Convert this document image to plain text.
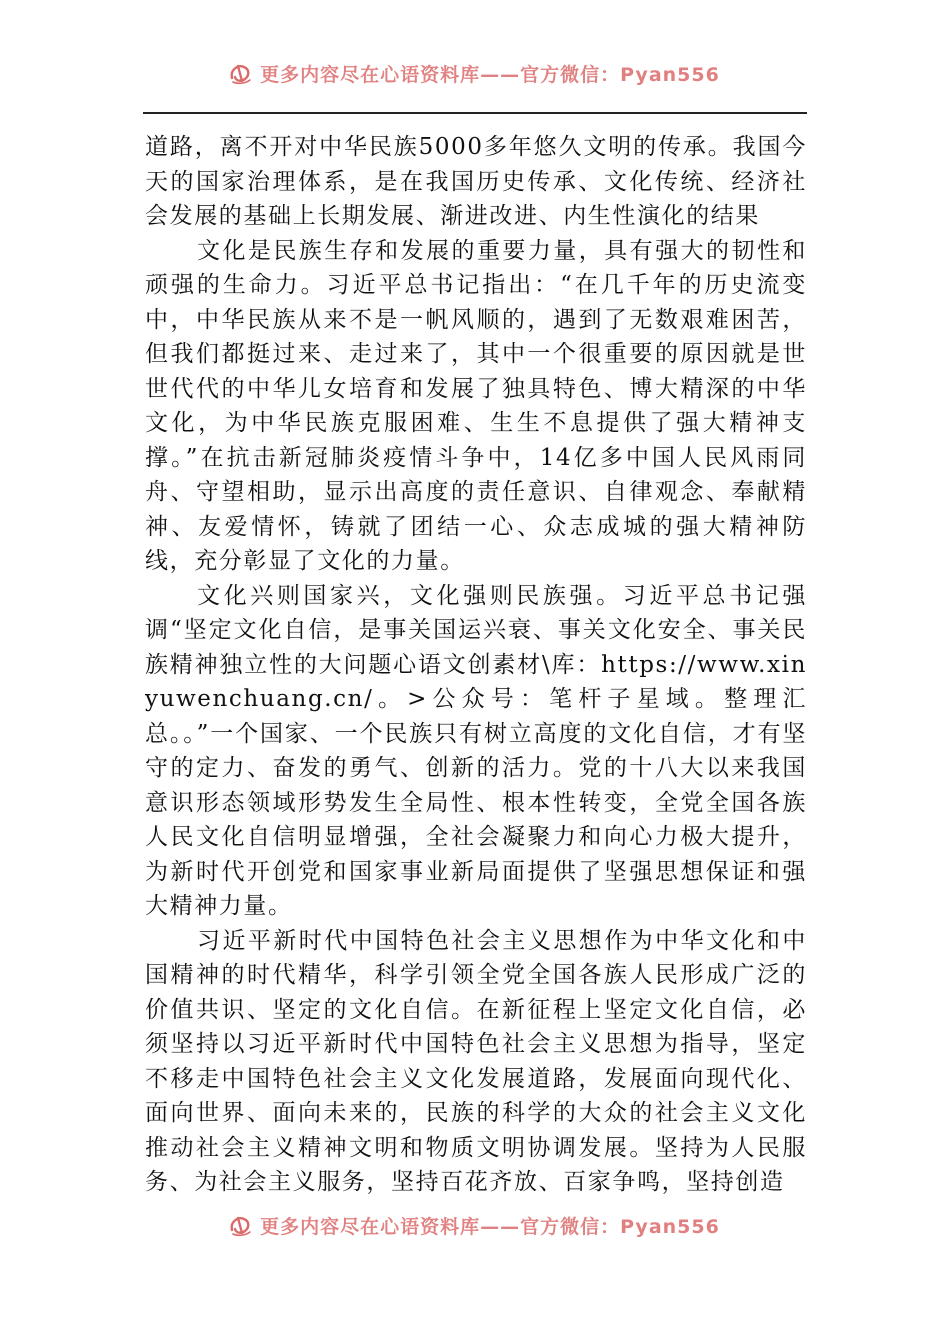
更多内容尽在心语资料库——官方微信：Pyan556

道路，离不开对中华民族5000多年悠久文明的传承。我国今天的国家治理体系，是在我国历史传承、文化传统、经济社会发展的基础上长期发展、渐进改进、内生性演化的结果

文化是民族生存和发展的重要力量，具有强大的韧性和顽强的生命力。习近平总书记指出：“在几千年的历史流变中，中华民族从来不是一帆风顺的，遇到了无数艰难困苦，但我们都挺过来、走过来了，其中一个很重要的原因就是世世代代的中华儿女培育和发展了独具特色、博大精深的中华文化，为中华民族克服困难、生生不息提供了强大精神支撑。”在抗击新冠肺炎疫情斗争中，14亿多中国人民风雨同舟、守望相助，显示出高度的责任意识、自律观念、奉献精神、友爱情怀，铸就了团结一心、众志成城的强大精神防线，充分彰显了文化的力量。

文化兴则国家兴，文化强则民族强。习近平总书记强调“坚定文化自信，是事关国运兴衰、事关文化安全、事关民族精神独立性的大问题心语文创素材\库：https://www.xinyuwenchuang.cn/。>公众号：笔杆子星域。整理汇总。。”一个国家、一个民族只有树立高度的文化自信，才有坚守的定力、奋发的勇气、创新的活力。党的十八大以来我国意识形态领域形势发生全局性、根本性转变，全党全国各族人民文化自信明显增强，全社会凝聚力和向心力极大提升，为新时代开创党和国家事业新局面提供了坚强思想保证和强大精神力量。

习近平新时代中国特色社会主义思想作为中华文化和中国精神的时代精华，科学引领全党全国各族人民形成广泛的价值共识、坚定的文化自信。在新征程上坚定文化自信，必须坚持以习近平新时代中国特色社会主义思想为指导，坚定不移走中国特色社会主义文化发展道路，发展面向现代化、面向世界、面向未来的，民族的科学的大众的社会主义文化推动社会主义精神文明和物质文明协调发展。坚持为人民服务、为社会主义服务，坚持百花齐放、百家争鸣，坚持创造

更多内容尽在心语资料库——官方微信：Pyan556
